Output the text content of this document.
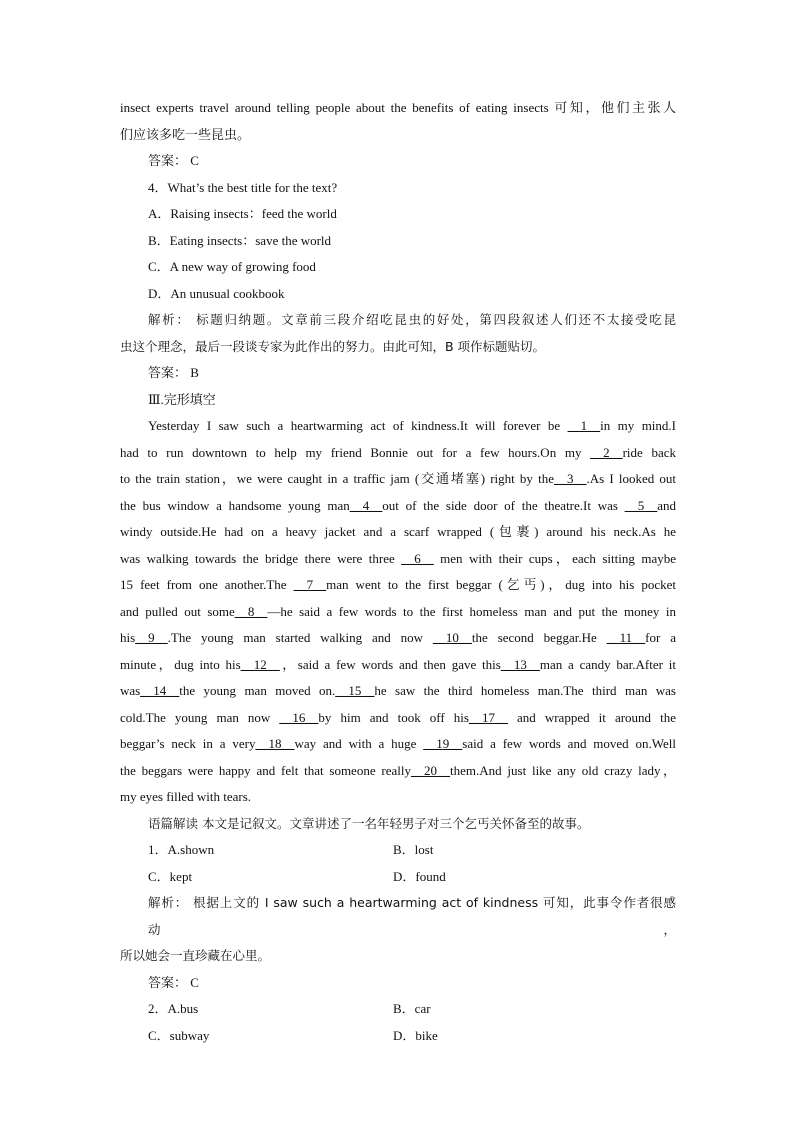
insect experts travel around telling people about the benefits of eating insects 可知，他们主张人

们应该多吃一些昆虫。

答案： C

4．What’s the best title for the text?

A．Raising insects：feed the world

B．Eating insects：save the world

C．A new way of growing food

D．An unusual cookbook

解析： 标题归纳题。文章前三段介绍吃昆虫的好处，第四段叙述人们还不太接受吃昆

虫这个理念，最后一段谈专家为此作出的努力。由此可知，B 项作标题贴切。

答案： B

Ⅲ.完形填空

Yesterday I saw such a heartwarming act of kindness.It will forever be __1__in my mind.I

had to run downtown to help my friend Bonnie out for a few hours.On my __2__ride back

to the train station，we were caught in a traffic jam (交通堵塞) right by the__3__.As I looked out

the bus window a handsome young man__4__out of the side door of the theatre.It was __5__and

windy outside.He had on a heavy jacket and a scarf wrapped (包裹) around his neck.As he

was walking towards the bridge there were three __6__ men with their cups，each sitting maybe

15 feet from one another.The __7__man went to the first beggar (乞丐)，dug into his pocket

and pulled out some__8__—he said a few words to the first homeless man and put the money in

his__9__.The young man started walking and now __10__the second beggar.He __11__for a

minute，dug into his__12__，said a few words and then gave this__13__man a candy bar.After it

was__14__the young man moved on.__15__he saw the third homeless man.The third man was

cold.The young man now __16__by him and took off his__17__ and wrapped it around the

beggar’s neck in a very__18__way and with a huge __19__said a few words and moved on.Well

the beggars were happy and felt that someone really__20__them.And just like any old crazy lady，

my eyes filled with tears.

语篇解读 本文是记叙文。文章讲述了一名年轻男子对三个乞丐关怀备至的故事。

1．A.shown	B．lost
C．kept	D．found

解析： 根据上文的 I saw such a heartwarming act of kindness 可知，此事令作者很感动，

所以她会一直珍藏在心里。

答案： C

2．A.bus	B．car
C．subway	D．bike
